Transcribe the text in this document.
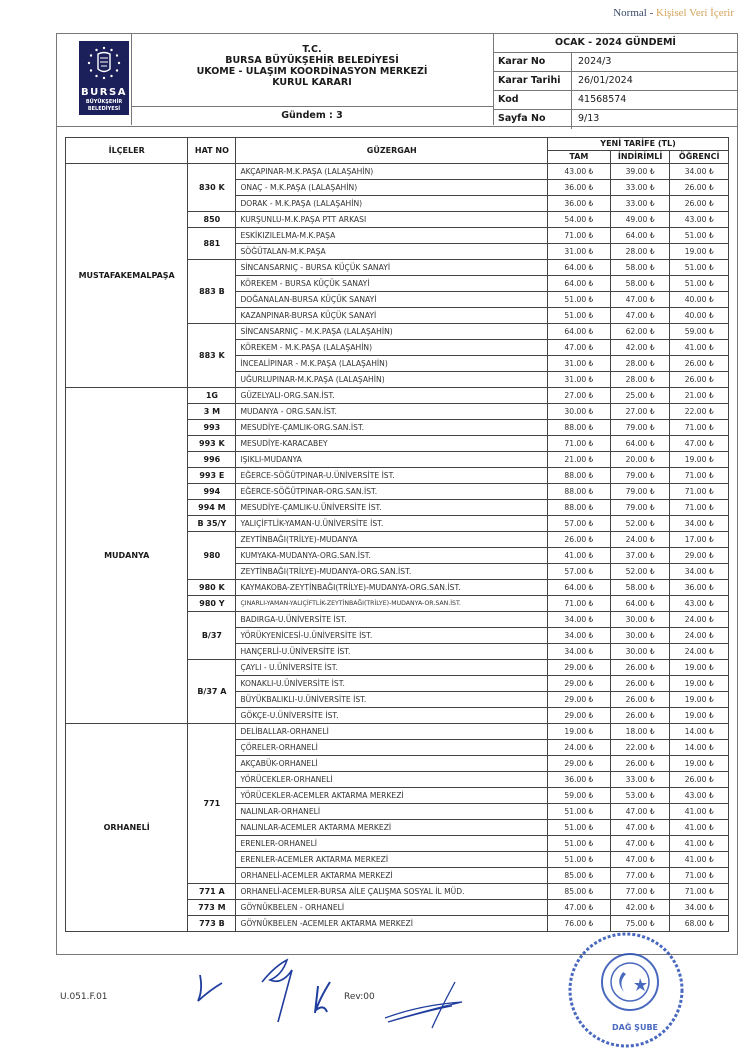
Normal - Kişisel Veri İçerir
BURSA
BÜYÜKŞEHİR
BELEDİYESİ
T.C.
BURSA BÜYÜKŞEHİR BELEDİYESİ
UKOME - ULAŞIM KOORDİNASYON MERKEZİ
KURUL KARARI
Gündem : 3
OCAK - 2024 GÜNDEMİ
Karar No	2024/3
Karar Tarihi	26/01/2024
Kod	41568574
Sayfa No	9/13
İLÇELER	HAT NO	GÜZERGAH	YENİ TARİFE (TL)		
			TAM	İNDİRİMLİ	ÖĞRENCİ
MUSTAFAKEMALPAŞA	830 K	AKÇAPINAR-M.K.PAŞA (LALAŞAHİN)	43.00 ₺	39.00 ₺	34.00 ₺
		ONAÇ - M.K.PAŞA (LALAŞAHİN)	36.00 ₺	33.00 ₺	26.00 ₺
		DORAK - M.K.PAŞA (LALAŞAHİN)	36.00 ₺	33.00 ₺	26.00 ₺
	850	KURŞUNLU-M.K.PAŞA PTT ARKASI	54.00 ₺	49.00 ₺	43.00 ₺
	881	ESKİKIZILELMA-M.K.PAŞA	71.00 ₺	64.00 ₺	51.00 ₺
		SÖĞÜTALAN-M.K.PAŞA	31.00 ₺	28.00 ₺	19.00 ₺
	883 B	SİNCANSARNIÇ - BURSA KÜÇÜK SANAYİ	64.00 ₺	58.00 ₺	51.00 ₺
		KÖREKEM - BURSA KÜÇÜK SANAYİ	64.00 ₺	58.00 ₺	51.00 ₺
		DOĞANALAN-BURSA KÜÇÜK SANAYİ	51.00 ₺	47.00 ₺	40.00 ₺
		KAZANPINAR-BURSA KÜÇÜK SANAYİ	51.00 ₺	47.00 ₺	40.00 ₺
	883 K	SİNCANSARNIÇ - M.K.PAŞA (LALAŞAHİN)	64.00 ₺	62.00 ₺	59.00 ₺
		KÖREKEM - M.K.PAŞA (LALAŞAHİN)	47.00 ₺	42.00 ₺	41.00 ₺
		İNCEALİPINAR - M.K.PAŞA (LALAŞAHİN)	31.00 ₺	28.00 ₺	26.00 ₺
		UĞURLUPINAR-M.K.PAŞA (LALAŞAHİN)	31.00 ₺	28.00 ₺	26.00 ₺
MUDANYA	1G	GÜZELYALI-ORG.SAN.İST.	27.00 ₺	25.00 ₺	21.00 ₺
	3 M	MUDANYA - ORG.SAN.İST.	30.00 ₺	27.00 ₺	22.00 ₺
	993	MESUDİYE-ÇAMLIK-ORG.SAN.İST.	88.00 ₺	79.00 ₺	71.00 ₺
	993 K	MESUDİYE-KARACABEY	71.00 ₺	64.00 ₺	47.00 ₺
	996	IŞIKLI-MUDANYA	21.00 ₺	20.00 ₺	19.00 ₺
	993 E	EĞERCE-SÖĞÜTPINAR-U.ÜNİVERSİTE İST.	88.00 ₺	79.00 ₺	71.00 ₺
	994	EĞERCE-SÖĞÜTPINAR-ORG.SAN.İST.	88.00 ₺	79.00 ₺	71.00 ₺
	994 M	MESUDİYE-ÇAMLIK-U.ÜNİVERSİTE İST.	88.00 ₺	79.00 ₺	71.00 ₺
	B 35/Y	YALIÇİFTLİK-YAMAN-U.ÜNİVERSİTE İST.	57.00 ₺	52.00 ₺	34.00 ₺
	980	ZEYTİNBAĞI(TRİLYE)-MUDANYA	26.00 ₺	24.00 ₺	17.00 ₺
		KUMYAKA-MUDANYA-ORG.SAN.İST.	41.00 ₺	37.00 ₺	29.00 ₺
		ZEYTİNBAĞI(TRİLYE)-MUDANYA-ORG.SAN.İST.	57.00 ₺	52.00 ₺	34.00 ₺
	980 K	KAYMAKOBA-ZEYTİNBAĞI(TRİLYE)-MUDANYA-ORG.SAN.İST.	64.00 ₺	58.00 ₺	36.00 ₺
	980 Y	ÇINARLI-YAMAN-YALIÇİFTLİK-ZEYTİNBAĞI(TRİLYE)-MUDANYA-OR.SAN.İST.	71.00 ₺	64.00 ₺	43.00 ₺
	B/37	BADIRGA-U.ÜNİVERSİTE İST.	34.00 ₺	30.00 ₺	24.00 ₺
		YÖRÜKYENİCESİ-U.ÜNİVERSİTE İST.	34.00 ₺	30.00 ₺	24.00 ₺
		HANÇERLİ-U.ÜNİVERSİTE İST.	34.00 ₺	30.00 ₺	24.00 ₺
	B/37 A	ÇAYLI - U.ÜNİVERSİTE İST.	29.00 ₺	26.00 ₺	19.00 ₺
		KONAKLI-U.ÜNİVERSİTE İST.	29.00 ₺	26.00 ₺	19.00 ₺
		BÜYÜKBALIKLI-U.ÜNİVERSİTE İST.	29.00 ₺	26.00 ₺	19.00 ₺
		GÖKÇE-U.ÜNİVERSİTE İST.	29.00 ₺	26.00 ₺	19.00 ₺
ORHANELİ	771	DELİBALLAR-ORHANELİ	19.00 ₺	18.00 ₺	14.00 ₺
		ÇÖRELER-ORHANELİ	24.00 ₺	22.00 ₺	14.00 ₺
		AKÇABÜK-ORHANELİ	29.00 ₺	26.00 ₺	19.00 ₺
		YÖRÜCEKLER-ORHANELİ	36.00 ₺	33.00 ₺	26.00 ₺
		YÖRÜCEKLER-ACEMLER AKTARMA MERKEZİ	59.00 ₺	53.00 ₺	43.00 ₺
		NALINLAR-ORHANELİ	51.00 ₺	47.00 ₺	41.00 ₺
		NALINLAR-ACEMLER AKTARMA MERKEZİ	51.00 ₺	47.00 ₺	41.00 ₺
		ERENLER-ORHANELİ	51.00 ₺	47.00 ₺	41.00 ₺
		ERENLER-ACEMLER AKTARMA MERKEZİ	51.00 ₺	47.00 ₺	41.00 ₺
		ORHANELİ-ACEMLER AKTARMA MERKEZİ	85.00 ₺	77.00 ₺	71.00 ₺
	771 A	ORHANELİ-ACEMLER-BURSA AİLE ÇALIŞMA SOSYAL İL MÜD.	85.00 ₺	77.00 ₺	71.00 ₺
	773 M	GÖYNÜKBELEN - ORHANELİ	47.00 ₺	42.00 ₺	34.00 ₺
	773 B	GÖYNÜKBELEN -ACEMLER AKTARMA MERKEZİ	76.00 ₺	75.00 ₺	68.00 ₺
U.051.F.01	Rev:00
DAĞ ŞUBE
